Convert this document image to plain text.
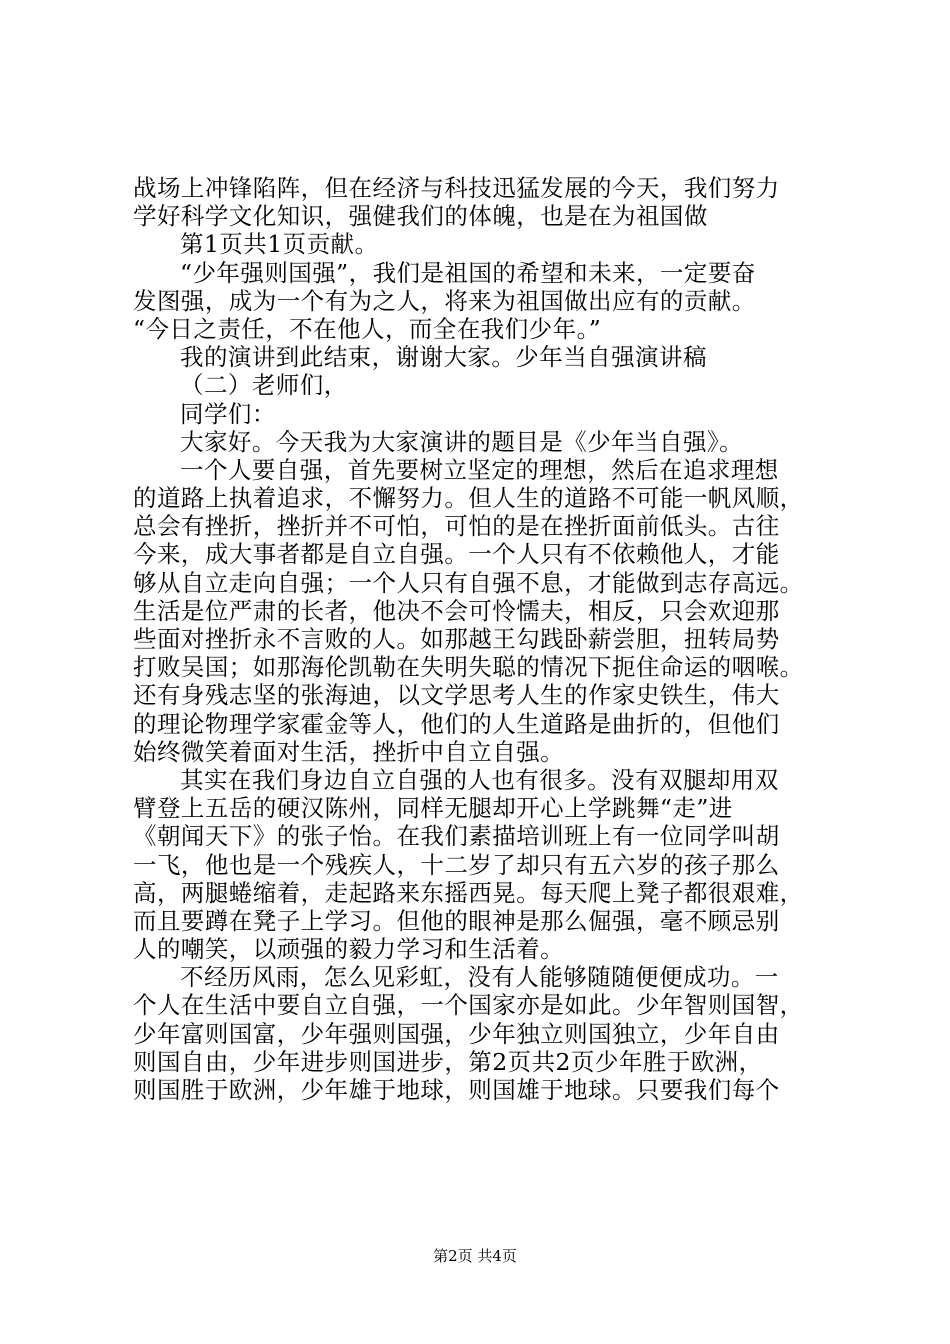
战场上冲锋陷阵，但在经济与科技迅猛发展的今天，我们努力
学好科学文化知识，强健我们的体魄，也是在为祖国做
第1页共1页贡献。
“少年强则国强”，我们是祖国的希望和未来，一定要奋
发图强，成为一个有为之人，将来为祖国做出应有的贡献。
“今日之责任，不在他人，而全在我们少年。”
我的演讲到此结束，谢谢大家。少年当自强演讲稿
（二）老师们，
同学们：
大家好。今天我为大家演讲的题目是《少年当自强》。
一个人要自强，首先要树立坚定的理想，然后在追求理想
的道路上执着追求，不懈努力。但人生的道路不可能一帆风顺，
总会有挫折，挫折并不可怕，可怕的是在挫折面前低头。古往
今来，成大事者都是自立自强。一个人只有不依赖他人，才能
够从自立走向自强；一个人只有自强不息，才能做到志存高远。
生活是位严肃的长者，他决不会可怜懦夫，相反，只会欢迎那
些面对挫折永不言败的人。如那越王勾践卧薪尝胆，扭转局势
打败吴国；如那海伦凯勒在失明失聪的情况下扼住命运的咽喉。
还有身残志坚的张海迪，以文学思考人生的作家史铁生，伟大
的理论物理学家霍金等人，他们的人生道路是曲折的，但他们
始终微笑着面对生活，挫折中自立自强。
其实在我们身边自立自强的人也有很多。没有双腿却用双
臂登上五岳的硬汉陈州，同样无腿却开心上学跳舞“走”进
《朝闻天下》的张子怡。在我们素描培训班上有一位同学叫胡
一飞，他也是一个残疾人，十二岁了却只有五六岁的孩子那么
高，两腿蜷缩着，走起路来东摇西晃。每天爬上凳子都很艰难，
而且要蹲在凳子上学习。但他的眼神是那么倔强，毫不顾忌别
人的嘲笑，以顽强的毅力学习和生活着。
不经历风雨，怎么见彩虹，没有人能够随随便便成功。一
个人在生活中要自立自强，一个国家亦是如此。少年智则国智，
少年富则国富，少年强则国强，少年独立则国独立，少年自由
则国自由，少年进步则国进步，第2页共2页少年胜于欧洲，
则国胜于欧洲，少年雄于地球，则国雄于地球。只要我们每个
第2页 共4页
